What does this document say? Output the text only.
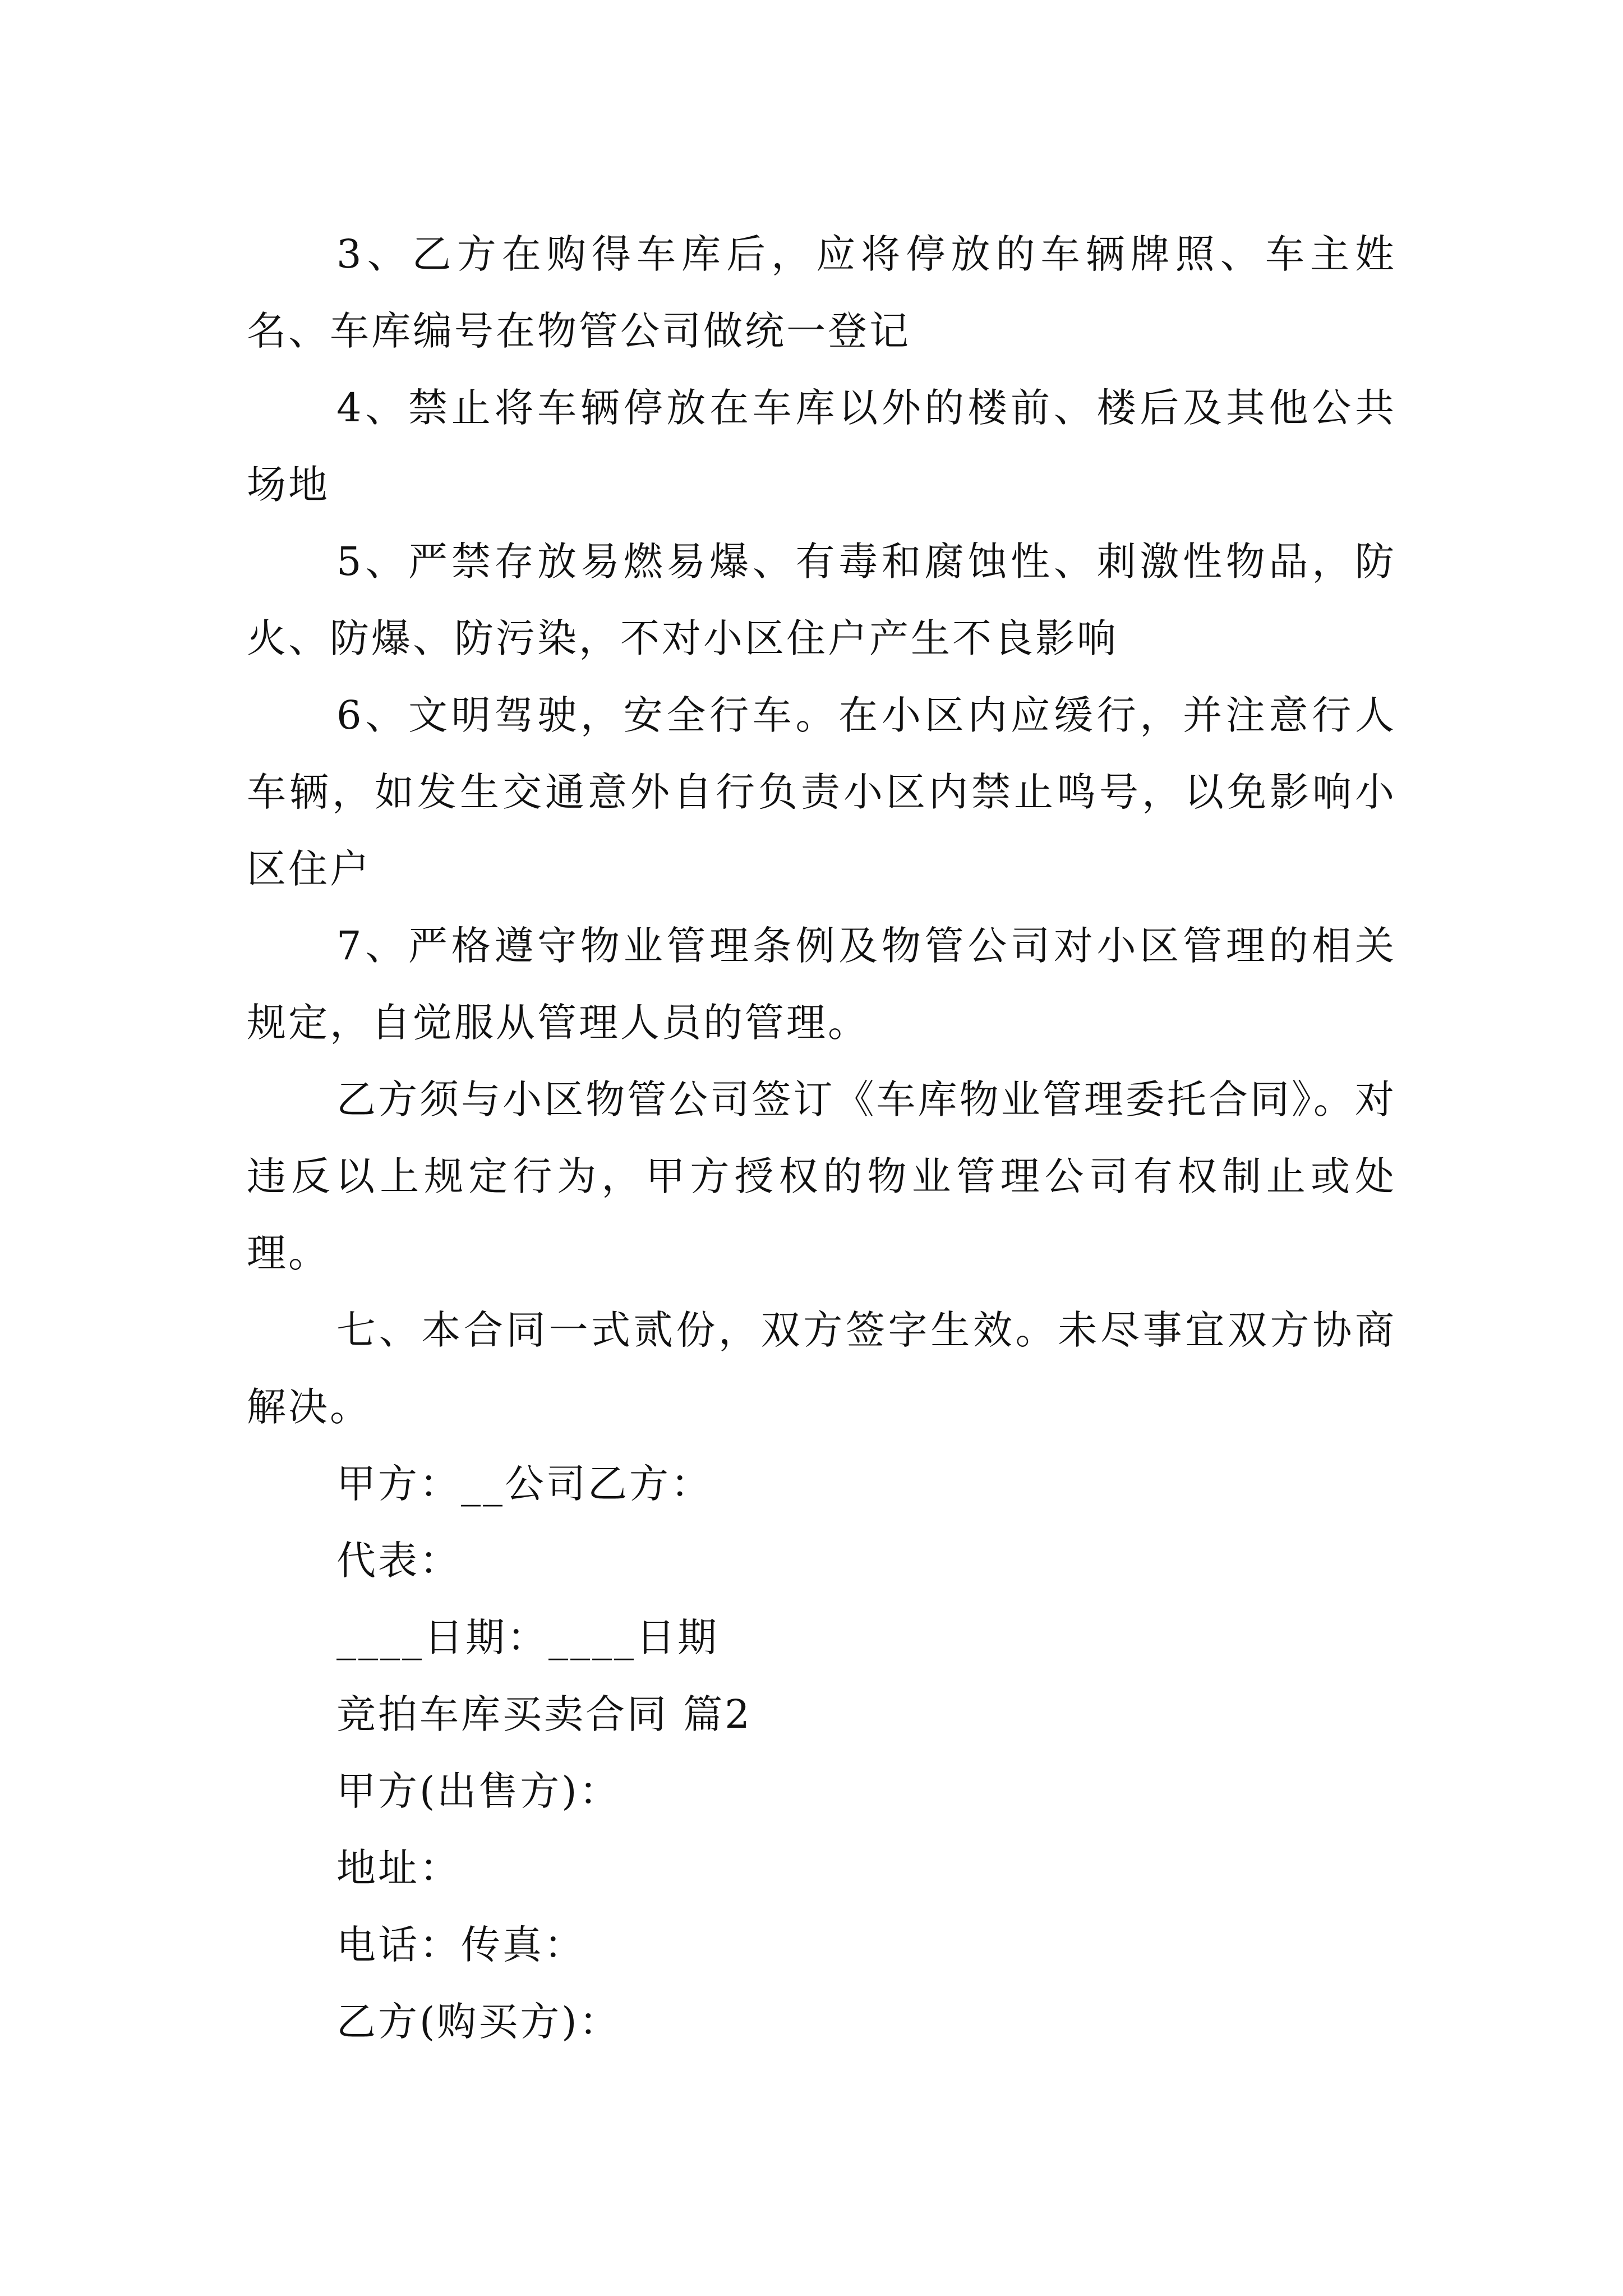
3、乙方在购得车库后，应将停放的车辆牌照、车主姓名、车库编号在物管公司做统一登记

4、禁止将车辆停放在车库以外的楼前、楼后及其他公共场地

5、严禁存放易燃易爆、有毒和腐蚀性、刺激性物品，防火、防爆、防污染，不对小区住户产生不良影响

6、文明驾驶，安全行车。在小区内应缓行，并注意行人车辆，如发生交通意外自行负责小区内禁止鸣号，以免影响小区住户

7、严格遵守物业管理条例及物管公司对小区管理的相关规定，自觉服从管理人员的管理。

乙方须与小区物管公司签订《车库物业管理委托合同》。对违反以上规定行为，甲方授权的物业管理公司有权制止或处理。

七、本合同一式贰份，双方签字生效。未尽事宜双方协商解决。

甲方：__公司乙方：

代表：

____日期：____日期

竞拍车库买卖合同 篇2

甲方(出售方)：

地址：

电话：传真：

乙方(购买方)：
